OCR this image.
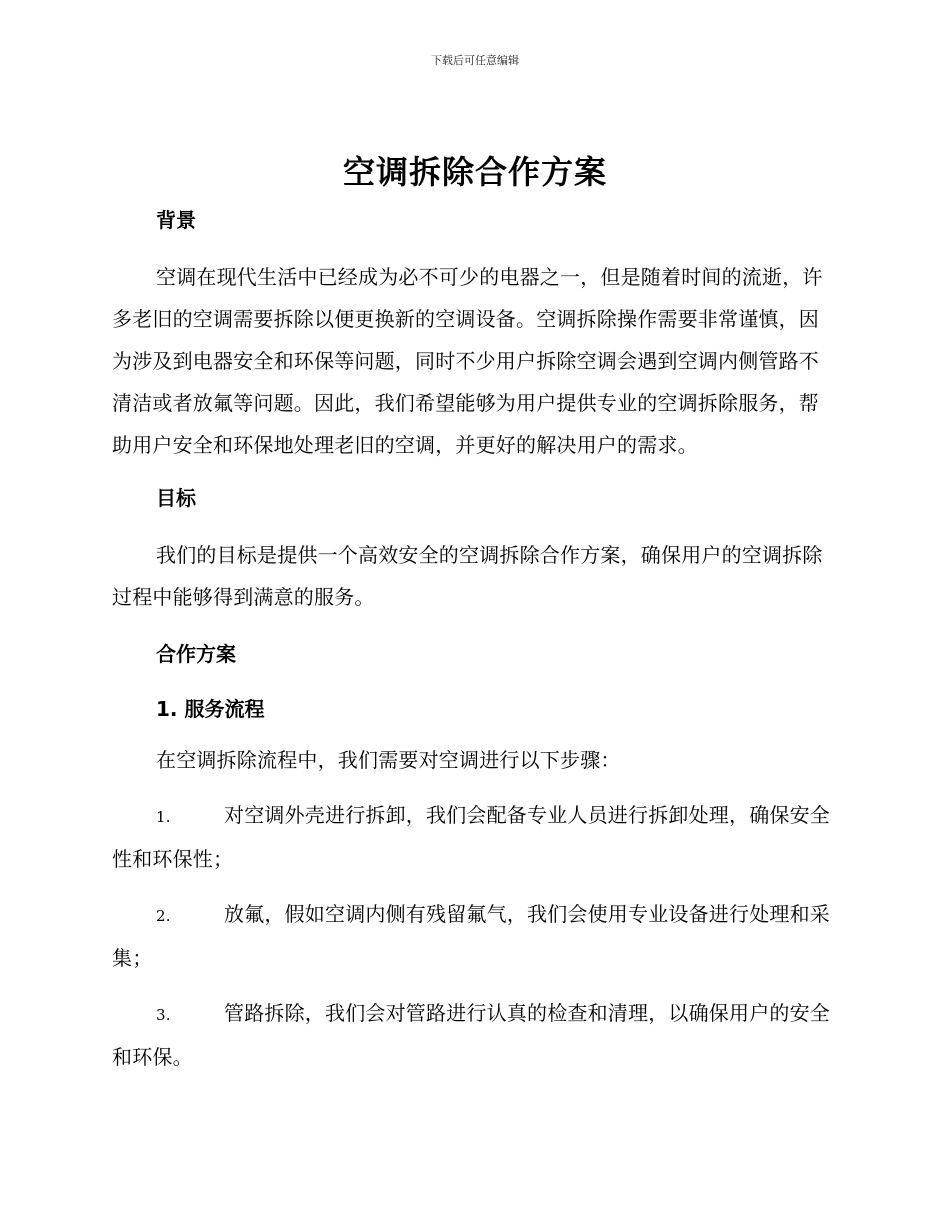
下载后可任意编辑
空调拆除合作方案
背景

空调在现代生活中已经成为必不可少的电器之一，但是随着时间的流逝，许多老旧的空调需要拆除以便更换新的空调设备。空调拆除操作需要非常谨慎，因为涉及到电器安全和环保等问题，同时不少用户拆除空调会遇到空调内侧管路不清洁或者放氟等问题。因此，我们希望能够为用户提供专业的空调拆除服务，帮助用户安全和环保地处理老旧的空调，并更好的解决用户的需求。

目标

我们的目标是提供一个高效安全的空调拆除合作方案，确保用户的空调拆除过程中能够得到满意的服务。

合作方案
1. 服务流程

在空调拆除流程中，我们需要对空调进行以下步骤：

1.	对空调外壳进行拆卸，我们会配备专业人员进行拆卸处理，确保安全性和环保性；
2.	放氟，假如空调内侧有残留氟气，我们会使用专业设备进行处理和采集；
3.	管路拆除，我们会对管路进行认真的检查和清理，以确保用户的安全和环保。
